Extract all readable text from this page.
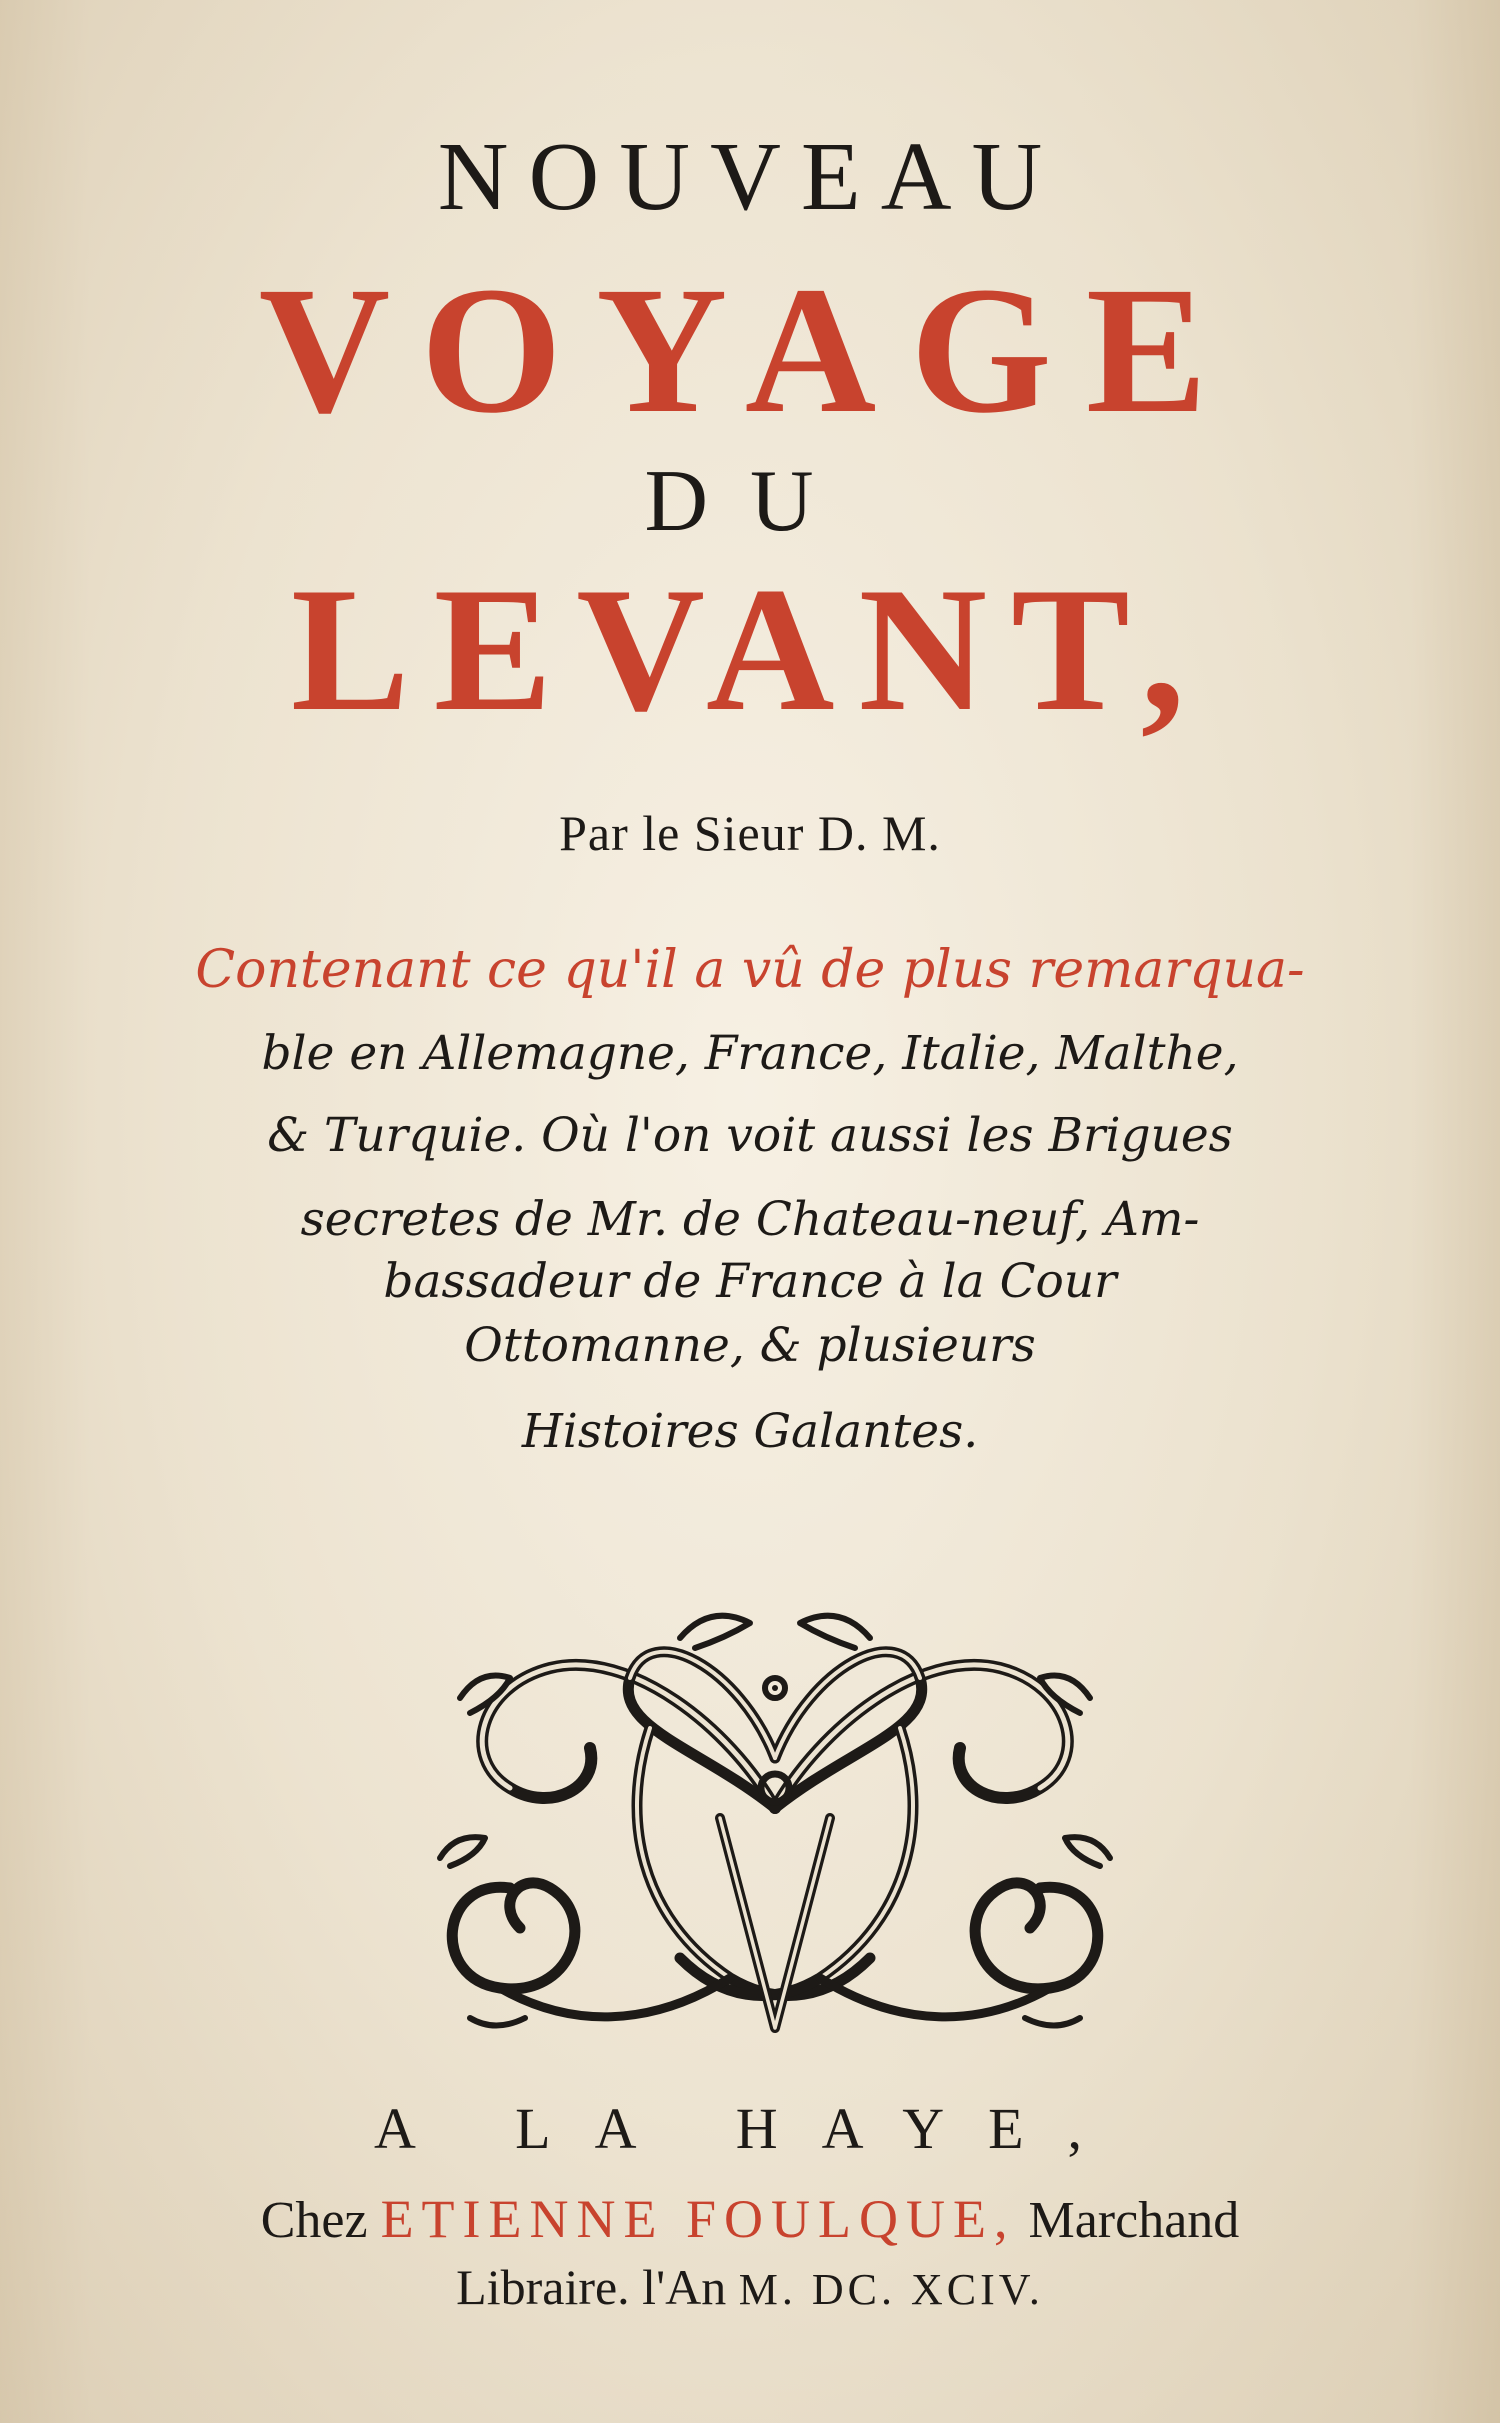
NOUVEAU
VOYAGE
DU
LEVANT,
Par le Sieur D. M.
Contenant ce qu'il a vû de plus remarqua-
ble en Allemagne, France, Italie, Malthe,
& Turquie. Où l'on voit aussi les Brigues
secretes de Mr. de Chateau-neuf, Am-
bassadeur de France à la Cour
Ottomanne, & plusieurs
Histoires Galantes.
A LA HAYE,
Chez ETIENNE FOULQUE, Marchand
Libraire. l'An M. DC. XCIV.
